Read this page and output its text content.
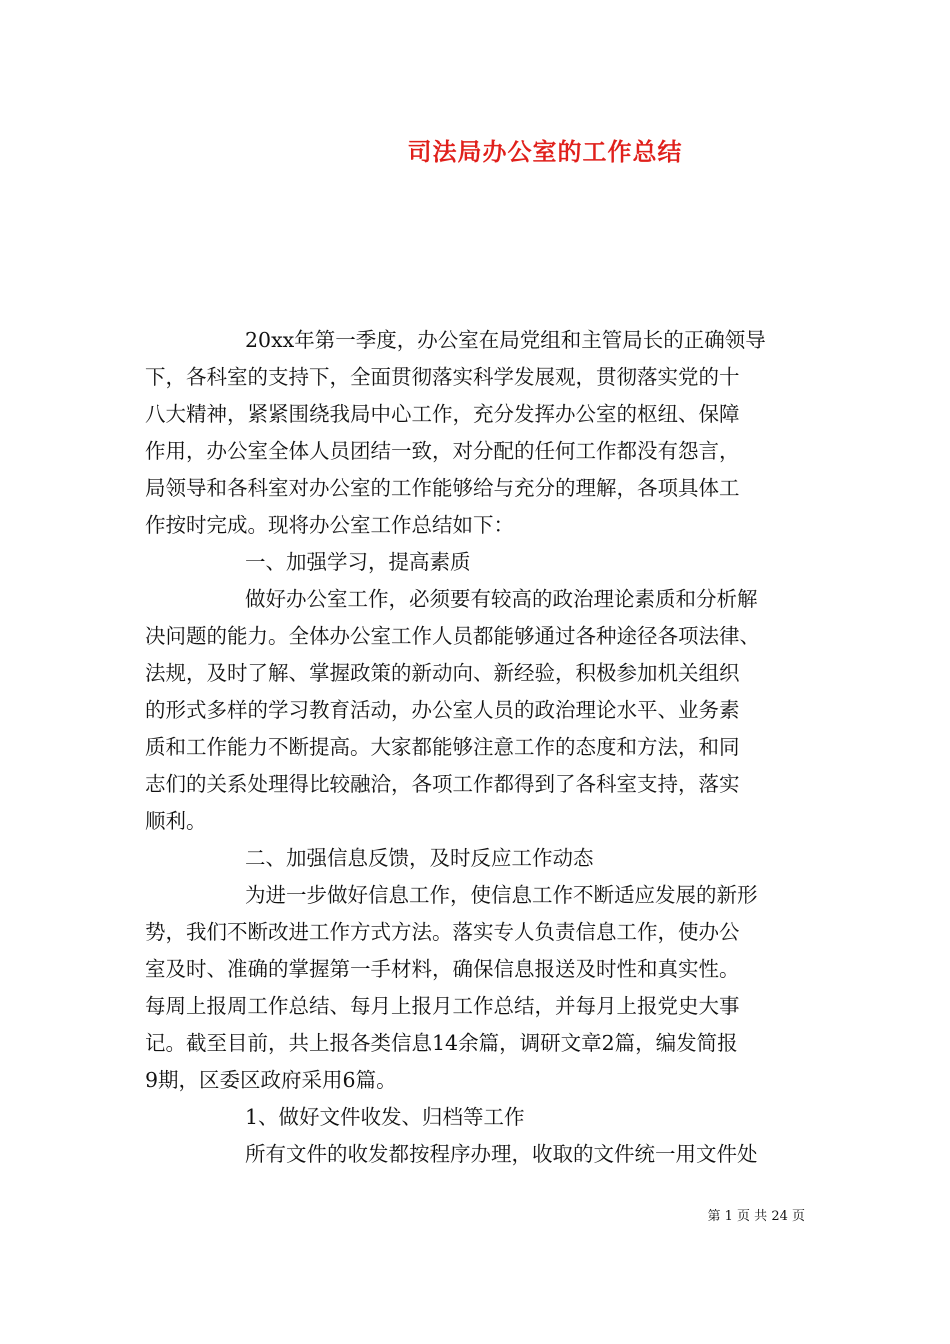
司法局办公室的工作总结
20xx年第一季度，办公室在局党组和主管局长的正确领导
下，各科室的支持下，全面贯彻落实科学发展观，贯彻落实党的十
八大精神，紧紧围绕我局中心工作，充分发挥办公室的枢纽、保障
作用，办公室全体人员团结一致，对分配的任何工作都没有怨言，
局领导和各科室对办公室的工作能够给与充分的理解，各项具体工
作按时完成。现将办公室工作总结如下：
一、加强学习，提高素质
做好办公室工作，必须要有较高的政治理论素质和分析解
决问题的能力。全体办公室工作人员都能够通过各种途径各项法律、
法规，及时了解、掌握政策的新动向、新经验，积极参加机关组织
的形式多样的学习教育活动，办公室人员的政治理论水平、业务素
质和工作能力不断提高。大家都能够注意工作的态度和方法，和同
志们的关系处理得比较融洽，各项工作都得到了各科室支持，落实
顺利。
二、加强信息反馈，及时反应工作动态
为进一步做好信息工作，使信息工作不断适应发展的新形
势，我们不断改进工作方式方法。落实专人负责信息工作，使办公
室及时、准确的掌握第一手材料，确保信息报送及时性和真实性。
每周上报周工作总结、每月上报月工作总结，并每月上报党史大事
记。截至目前，共上报各类信息14余篇，调研文章2篇，编发简报
9期，区委区政府采用6篇。
1、做好文件收发、归档等工作
所有文件的收发都按程序办理，收取的文件统一用文件处
第 1 页 共 24 页
